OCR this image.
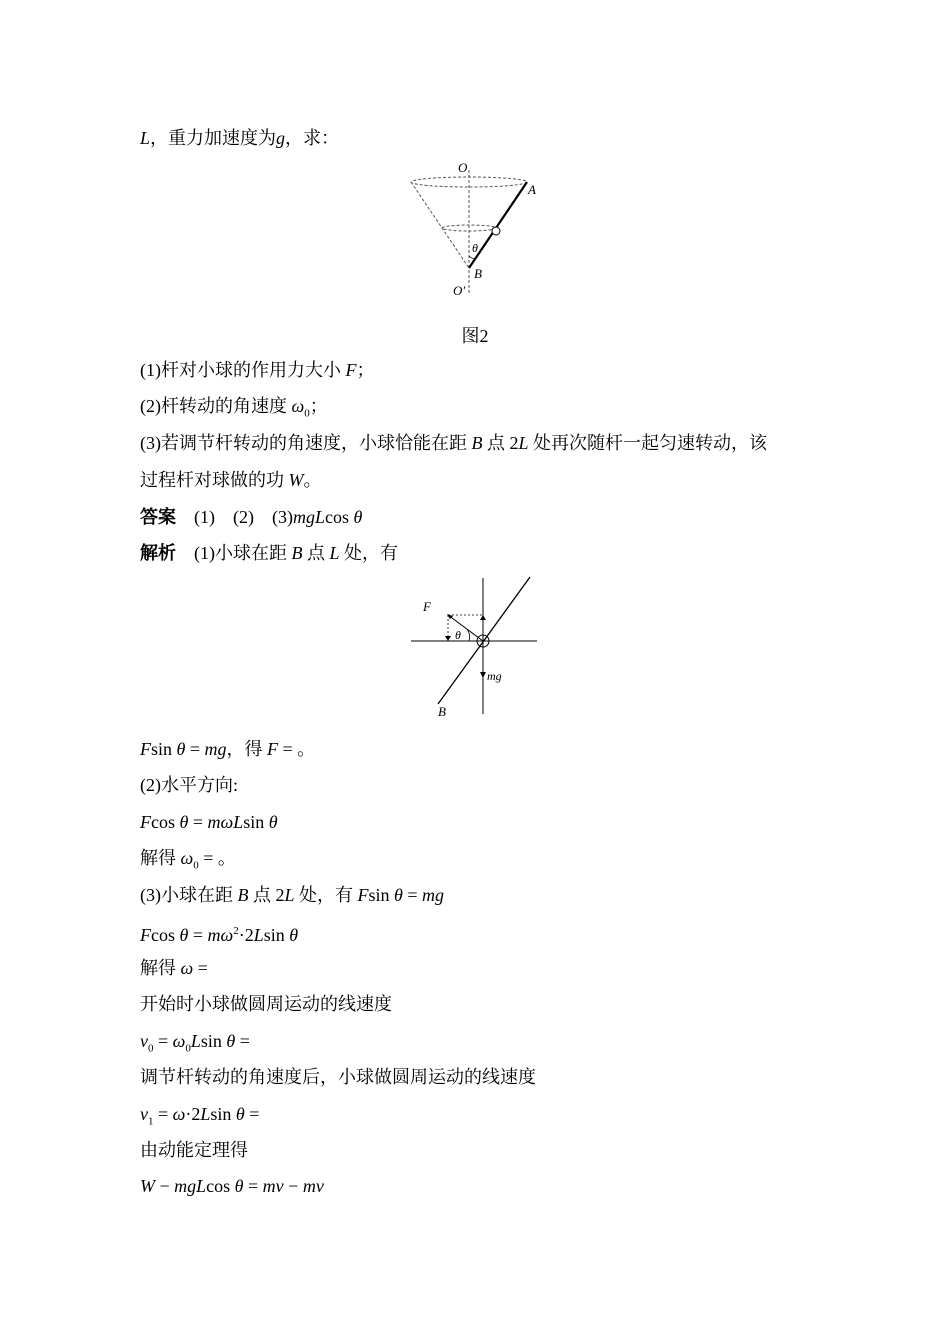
L，重力加速度为g，求：
O
A
θ
B
O′
图2
(1)杆对小球的作用力大小 F；
(2)杆转动的角速度 $\omega_0$；
(3)若调节杆转动的角速度，小球恰能在距 B 点 2L 处再次随杆一起匀速转动，该
过程杆对球做的功 W。
答案　(1)　(2)　(3)mgLcos θ
解析　(1)小球在距 B 点 L 处，有
F
θ
mg
B
Fsin θ = mg，得 F = 。
(2)水平方向:
Fcos θ = mωLsin θ
解得 $\omega_0$ = 。
(3)小球在距 B 点 2L 处，有 Fsin θ = mg
Fcos $\theta = m\omega^2\cdot 2Lsin$ θ
解得 ω =
开始时小球做圆周运动的线速度
$v_0 = \omega_0Lsin$ θ =
调节杆转动的角速度后，小球做圆周运动的线速度
$v_1 = \omega\cdot 2Lsin$ θ =
由动能定理得
W − mgLcos θ = mv − mv
